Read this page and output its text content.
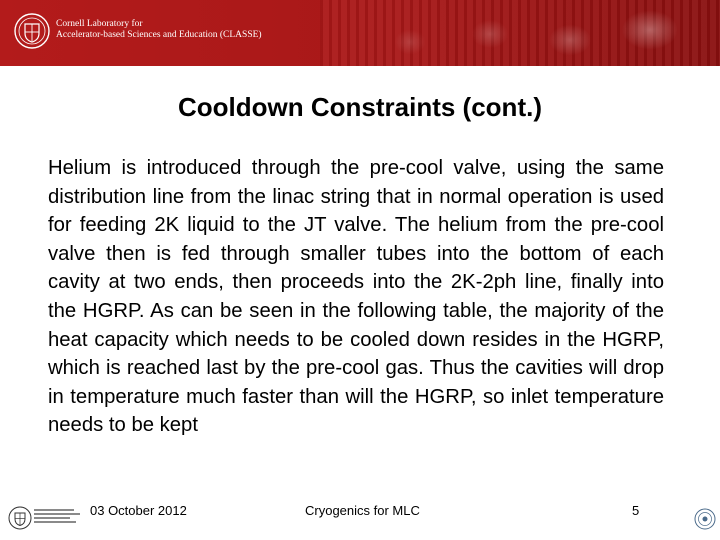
Cornell Laboratory for
Accelerator-based Sciences and Education (CLASSE)
Cooldown Constraints (cont.)

Helium is introduced through the pre-cool valve, using the same distribution line from the linac string that in normal operation is used for feeding 2K liquid to the JT valve. The helium from the pre-cool valve then is fed through smaller tubes into the bottom of each cavity at two ends, then proceeds into the 2K-2ph line, finally into the HGRP. As can be seen in the following table, the majority of the heat capacity which needs to be cooled down resides in the HGRP, which is reached last by the pre-cool gas. Thus the cavities will drop in temperature much faster than will the HGRP, so inlet temperature needs to be kept

03 October 2012	Cryogenics for MLC	5
